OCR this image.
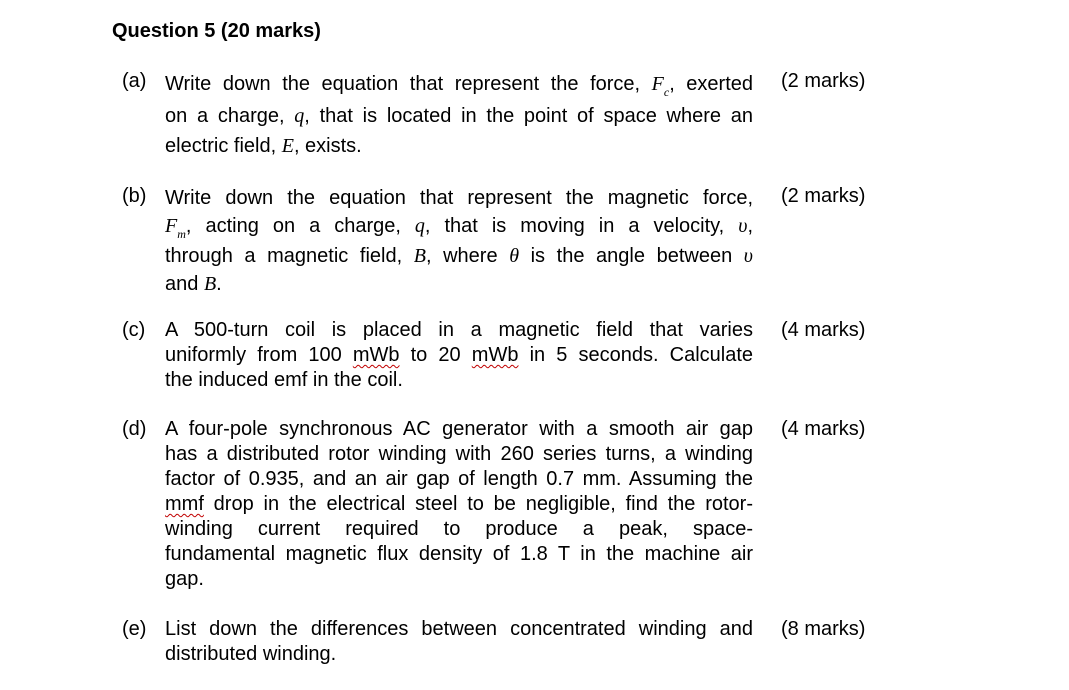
Question 5 (20 marks)
(a) Write down the equation that represent the force, $F_c$, exerted
on a charge, q, that is located in the point of space where an
electric field, E, exists.
(2 marks)
(b) Write down the equation that represent the magnetic force,
$F_m$, acting on a charge, q, that is moving in a velocity, υ,
through a magnetic field, B, where θ is the angle between υ
and B.
(2 marks)
(c) A 500-turn coil is placed in a magnetic field that varies
uniformly from 100 mWb to 20 mWb in 5 seconds. Calculate
the induced emf in the coil.
(4 marks)
(d) A four-pole synchronous AC generator with a smooth air gap
has a distributed rotor winding with 260 series turns, a winding
factor of 0.935, and an air gap of length 0.7 mm. Assuming the
mmf drop in the electrical steel to be negligible, find the rotor-
winding current required to produce a peak, space-
fundamental magnetic flux density of 1.8 T in the machine air
gap.
(4 marks)
(e) List down the differences between concentrated winding and
distributed winding.
(8 marks)
